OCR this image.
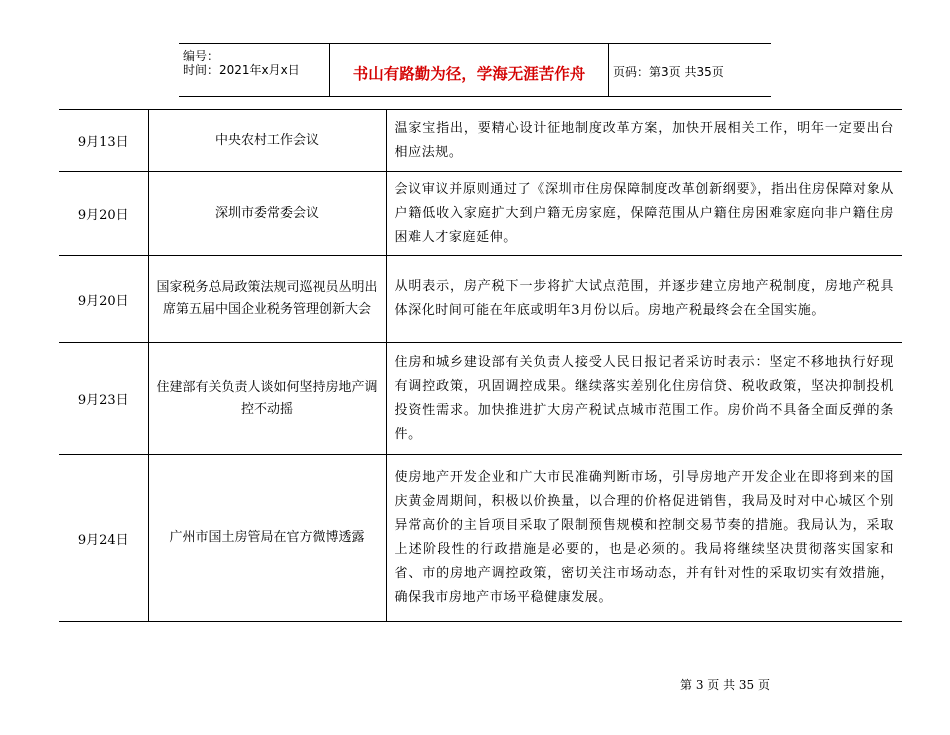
编号：
时间：2021年x月x日	书山有路勤为径，学海无涯苦作舟	页码：第3页 共35页
9月13日	中央农村工作会议	温家宝指出，要精心设计征地制度改革方案，加快开展相关工作，明年一定要出台相应法规。
9月20日	深圳市委常委会议	会议审议并原则通过了《深圳市住房保障制度改革创新纲要》，指出住房保障对象从户籍低收入家庭扩大到户籍无房家庭，保障范围从户籍住房困难家庭向非户籍住房困难人才家庭延伸。
9月20日	国家税务总局政策法规司巡视员丛明出席第五届中国企业税务管理创新大会	从明表示，房产税下一步将扩大试点范围，并逐步建立房地产税制度，房地产税具体深化时间可能在年底或明年3月份以后。房地产税最终会在全国实施。
9月23日	住建部有关负责人谈如何坚持房地产调控不动摇	住房和城乡建设部有关负责人接受人民日报记者采访时表示：坚定不移地执行好现有调控政策，巩固调控成果。继续落实差别化住房信贷、税收政策，坚决抑制投机投资性需求。加快推进扩大房产税试点城市范围工作。房价尚不具备全面反弹的条件。
9月24日	广州市国土房管局在官方微博透露	使房地产开发企业和广大市民准确判断市场，引导房地产开发企业在即将到来的国庆黄金周期间，积极以价换量，以合理的价格促进销售，我局及时对中心城区个别异常高价的主旨项目采取了限制预售规模和控制交易节奏的措施。我局认为，采取上述阶段性的行政措施是必要的，也是必须的。我局将继续坚决贯彻落实国家和省、市的房地产调控政策，密切关注市场动态，并有针对性的采取切实有效措施，确保我市房地产市场平稳健康发展。
第 3 页 共 35 页
